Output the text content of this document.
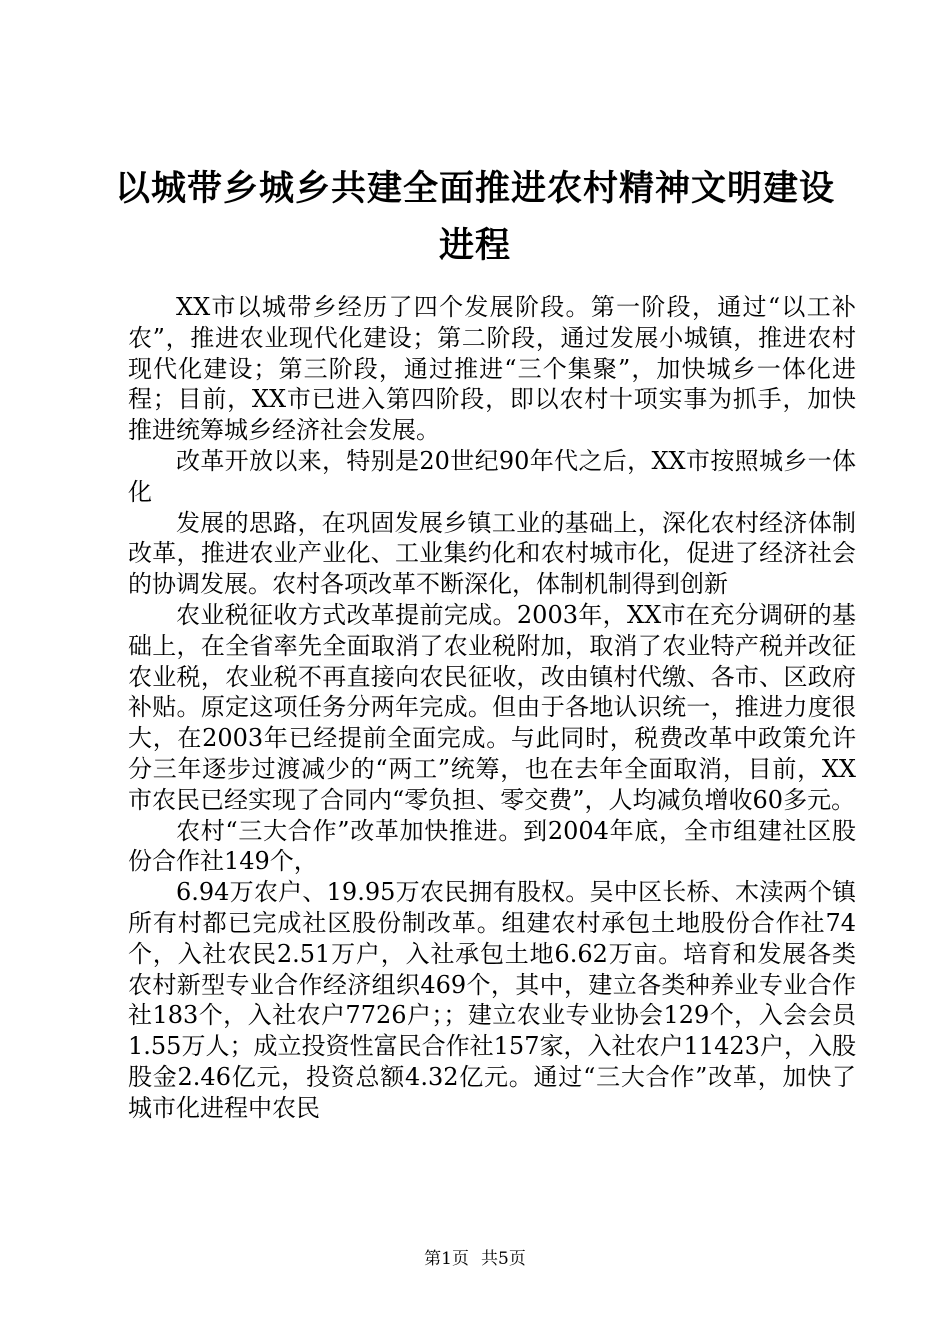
以城带乡城乡共建全面推进农村精神文明建设
进程

XX市以城带乡经历了四个发展阶段。第一阶段，通过“以工补农”，推进农业现代化建设；第二阶段，通过发展小城镇，推进农村现代化建设；第三阶段，通过推进“三个集聚”，加快城乡一体化进程；目前，XX市已进入第四阶段，即以农村十项实事为抓手，加快推进统筹城乡经济社会发展。

改革开放以来，特别是20世纪90年代之后，XX市按照城乡一体化

发展的思路，在巩固发展乡镇工业的基础上，深化农村经济体制改革，推进农业产业化、工业集约化和农村城市化，促进了经济社会的协调发展。农村各项改革不断深化，体制机制得到创新

农业税征收方式改革提前完成。2003年，XX市在充分调研的基础上，在全省率先全面取消了农业税附加，取消了农业特产税并改征农业税，农业税不再直接向农民征收，改由镇村代缴、各市、区政府补贴。原定这项任务分两年完成。但由于各地认识统一，推进力度很大，在2003年已经提前全面完成。与此同时，税费改革中政策允许分三年逐步过渡减少的“两工”统筹，也在去年全面取消，目前，XX市农民已经实现了合同内“零负担、零交费”，人均减负增收60多元。

农村“三大合作”改革加快推进。到2004年底，全市组建社区股份合作社149个，

6.94万农户、19.95万农民拥有股权。吴中区长桥、木渎两个镇所有村都已完成社区股份制改革。组建农村承包土地股份合作社74个，入社农民2.51万户，入社承包土地6.62万亩。培育和发展各类农村新型专业合作经济组织469个，其中，建立各类种养业专业合作社183个，入社农户7726户；；建立农业专业协会129个，入会会员1.55万人；成立投资性富民合作社157家，入社农户11423户，入股股金2.46亿元，投资总额4.32亿元。通过“三大合作”改革，加快了城市化进程中农民

第1页 共5页
